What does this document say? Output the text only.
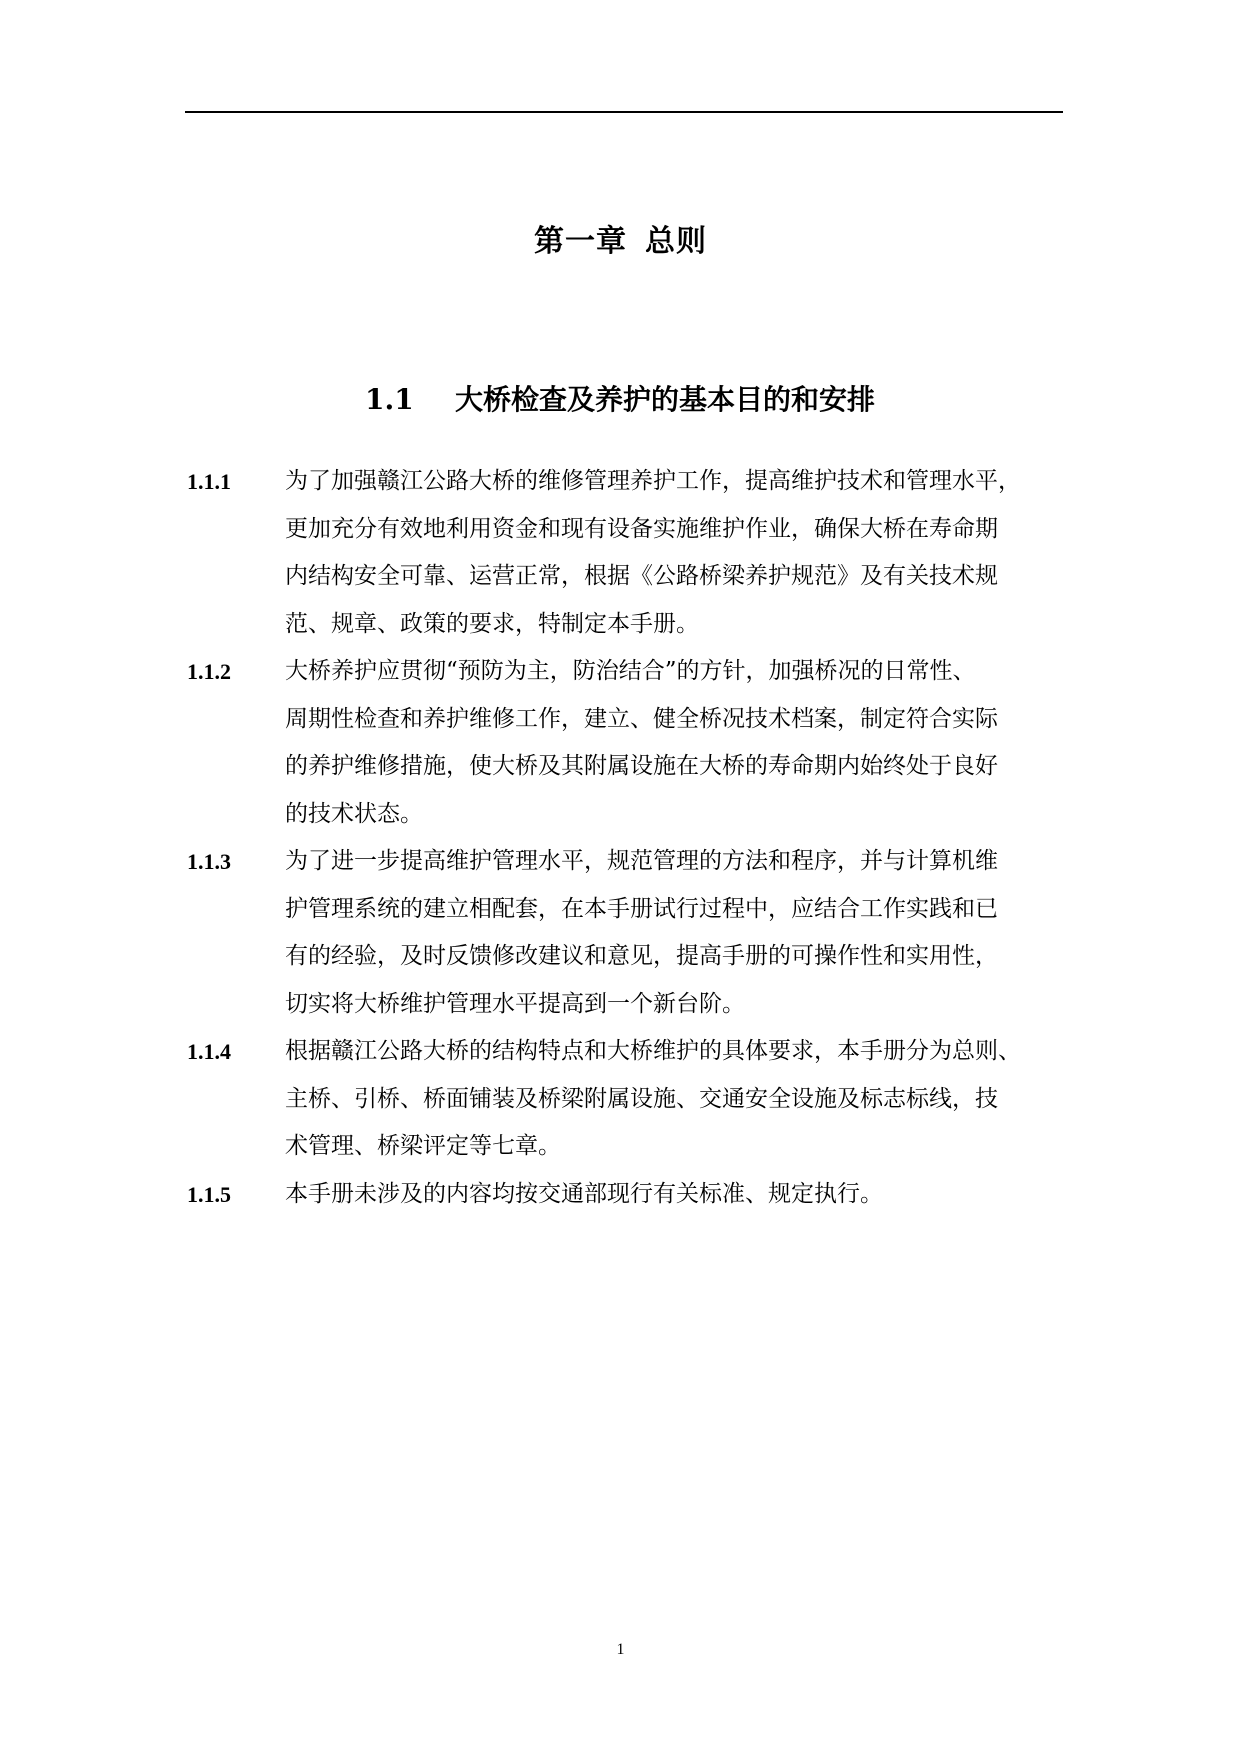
第一章 总则
1.1 大桥检查及养护的基本目的和安排
1.1.1 为了加强赣江公路大桥的维修管理养护工作，提高维护技术和管理水平，
更加充分有效地利用资金和现有设备实施维护作业，确保大桥在寿命期
内结构安全可靠、运营正常，根据《公路桥梁养护规范》及有关技术规
范、规章、政策的要求，特制定本手册。
1.1.2 大桥养护应贯彻“预防为主，防治结合”的方针，加强桥况的日常性、
周期性检查和养护维修工作，建立、健全桥况技术档案，制定符合实际
的养护维修措施，使大桥及其附属设施在大桥的寿命期内始终处于良好
的技术状态。
1.1.3 为了进一步提高维护管理水平，规范管理的方法和程序，并与计算机维
护管理系统的建立相配套，在本手册试行过程中，应结合工作实践和已
有的经验，及时反馈修改建议和意见，提高手册的可操作性和实用性，
切实将大桥维护管理水平提高到一个新台阶。
1.1.4 根据赣江公路大桥的结构特点和大桥维护的具体要求，本手册分为总则、
主桥、引桥、桥面铺装及桥梁附属设施、交通安全设施及标志标线，技
术管理、桥梁评定等七章。
1.1.5 本手册未涉及的内容均按交通部现行有关标准、规定执行。
1
